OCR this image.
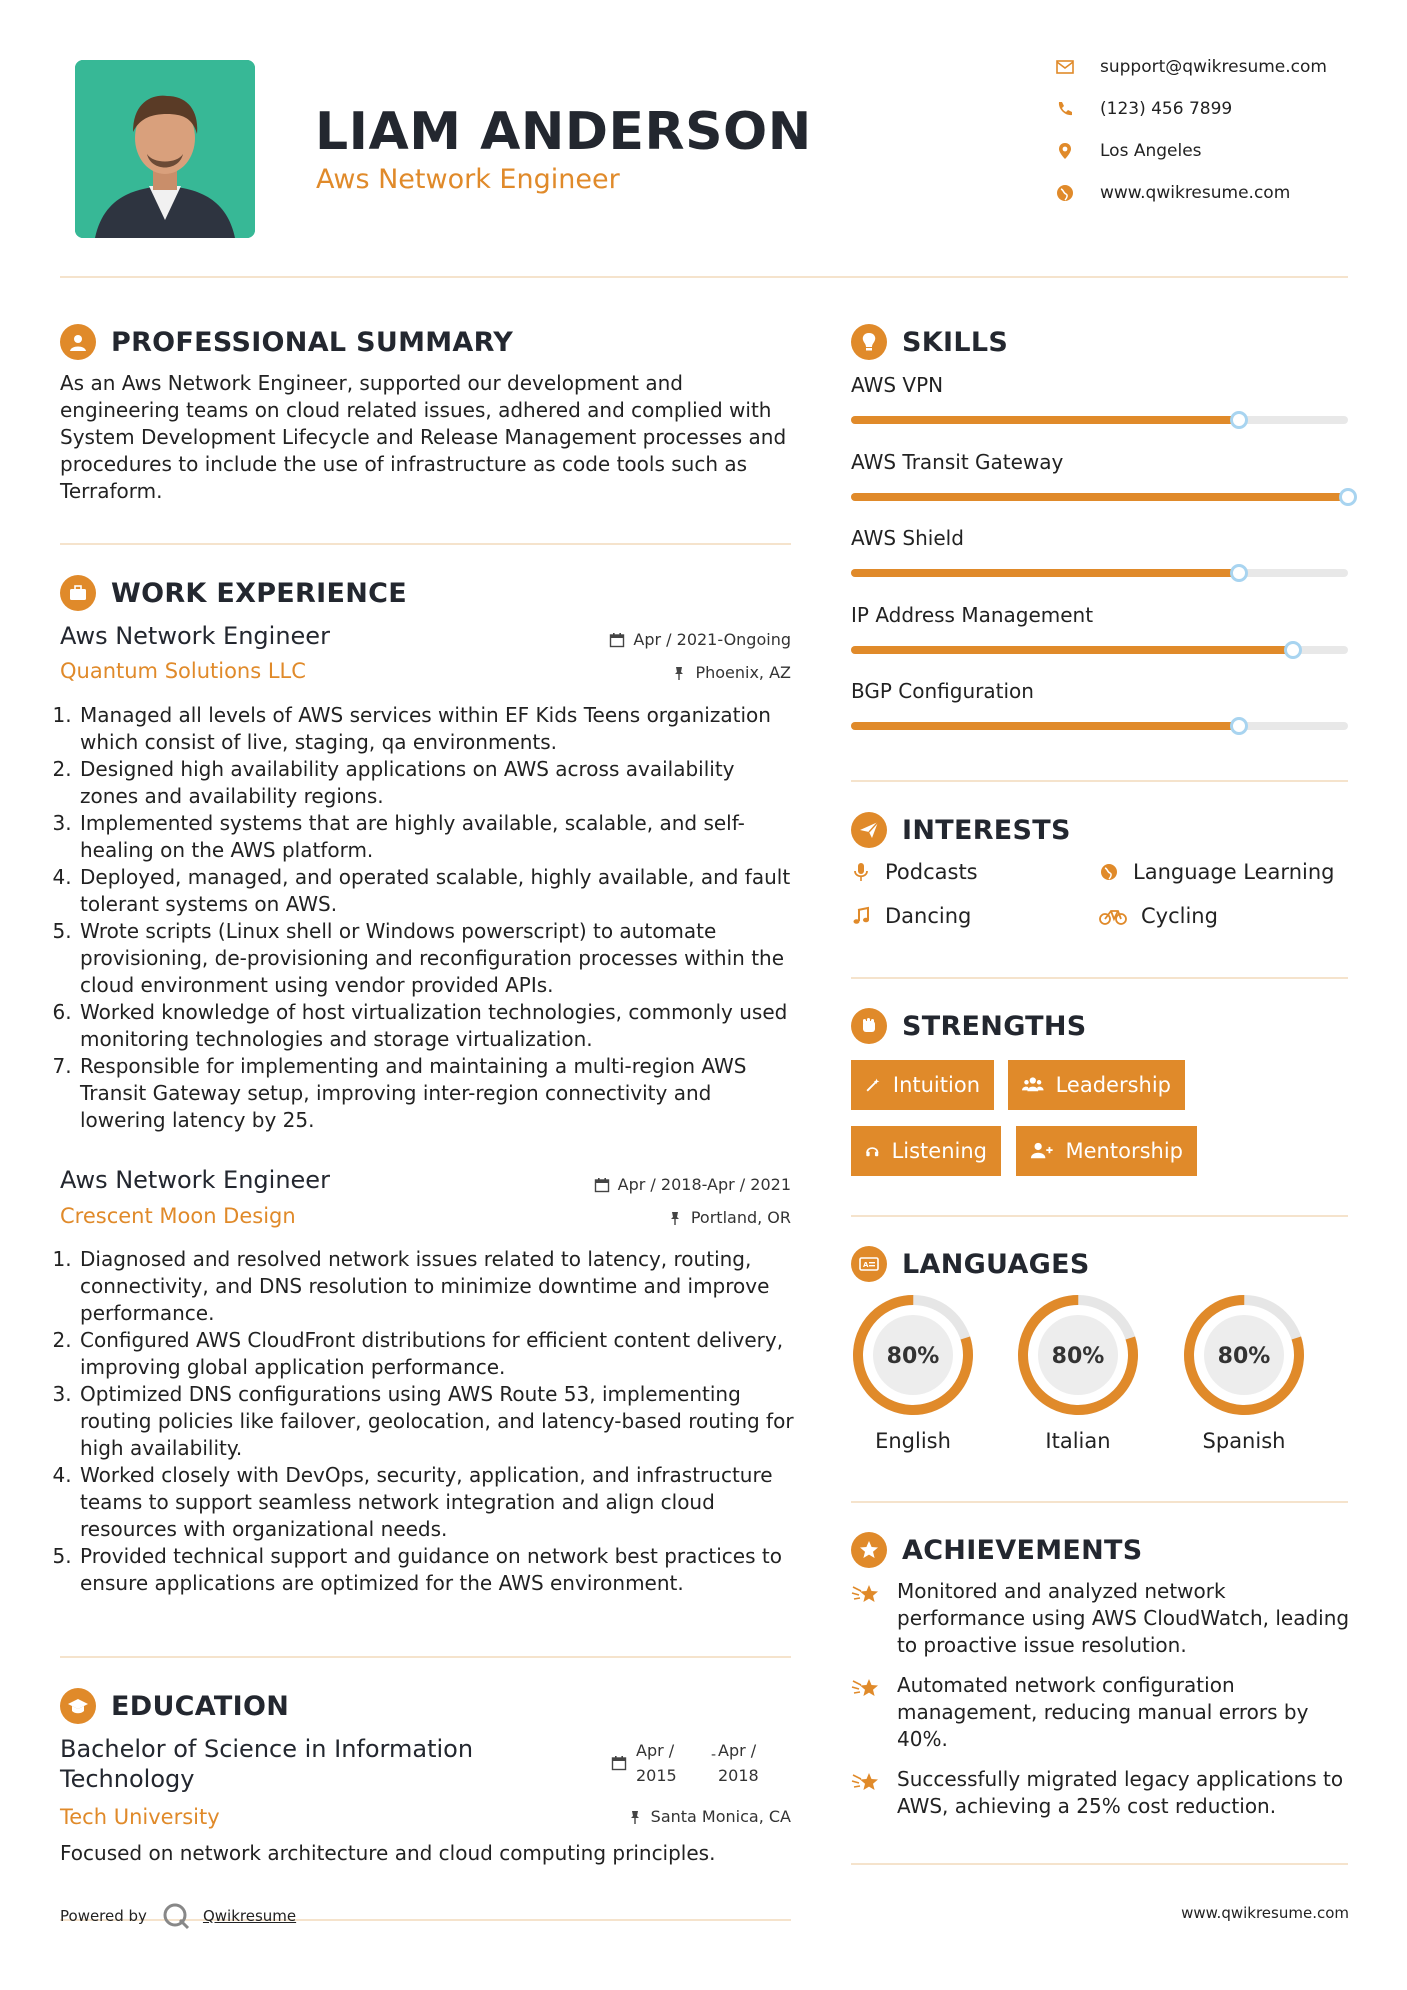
LIAM ANDERSON
Aws Network Engineer
support@qwikresume.com
(123) 456 7899
Los Angeles
www.qwikresume.com
PROFESSIONAL SUMMARY
As an Aws Network Engineer, supported our development and engineering teams on cloud related issues, adhered and complied with System Development Lifecycle and Release Management processes and procedures to include the use of infrastructure as code tools such as Terraform.
WORK EXPERIENCE
Aws Network Engineer
Quantum Solutions LLC
Apr / 2021-Ongoing
Phoenix, AZ
1. Managed all levels of AWS services within EF Kids Teens organization which consist of live, staging, qa environments.
2. Designed high availability applications on AWS across availability zones and availability regions.
3. Implemented systems that are highly available, scalable, and self-healing on the AWS platform.
4. Deployed, managed, and operated scalable, highly available, and fault tolerant systems on AWS.
5. Wrote scripts (Linux shell or Windows powerscript) to automate provisioning, de-provisioning and reconfiguration processes within the cloud environment using vendor provided APIs.
6. Worked knowledge of host virtualization technologies, commonly used monitoring technologies and storage virtualization.
7. Responsible for implementing and maintaining a multi-region AWS Transit Gateway setup, improving inter-region connectivity and lowering latency by 25.
Aws Network Engineer
Crescent Moon Design
Apr / 2018-Apr / 2021
Portland, OR
1. Diagnosed and resolved network issues related to latency, routing, connectivity, and DNS resolution to minimize downtime and improve performance.
2. Configured AWS CloudFront distributions for efficient content delivery, improving global application performance.
3. Optimized DNS configurations using AWS Route 53, implementing routing policies like failover, geolocation, and latency-based routing for high availability.
4. Worked closely with DevOps, security, application, and infrastructure teams to support seamless network integration and align cloud resources with organizational needs.
5. Provided technical support and guidance on network best practices to ensure applications are optimized for the AWS environment.
EDUCATION
Bachelor of Science in Information
Technology
Tech University
Apr /
2015
- Apr /
2018
Santa Monica, CA
Focused on network architecture and cloud computing principles.
SKILLS
AWS VPN
AWS Transit Gateway
AWS Shield
IP Address Management
BGP Configuration
INTERESTS
Podcasts	Language Learning
Dancing	Cycling
STRENGTHS
Intuition	Leadership
Listening	Mentorship
A LANGUAGES
80%
English
80%
Italian
80%
Spanish
ACHIEVEMENTS
Monitored and analyzed network performance using AWS CloudWatch, leading to proactive issue resolution.
Automated network configuration management, reducing manual errors by 40%.
Successfully migrated legacy applications to AWS, achieving a 25% cost reduction.
Powered by	Qwikresume	www.qwikresume.com
